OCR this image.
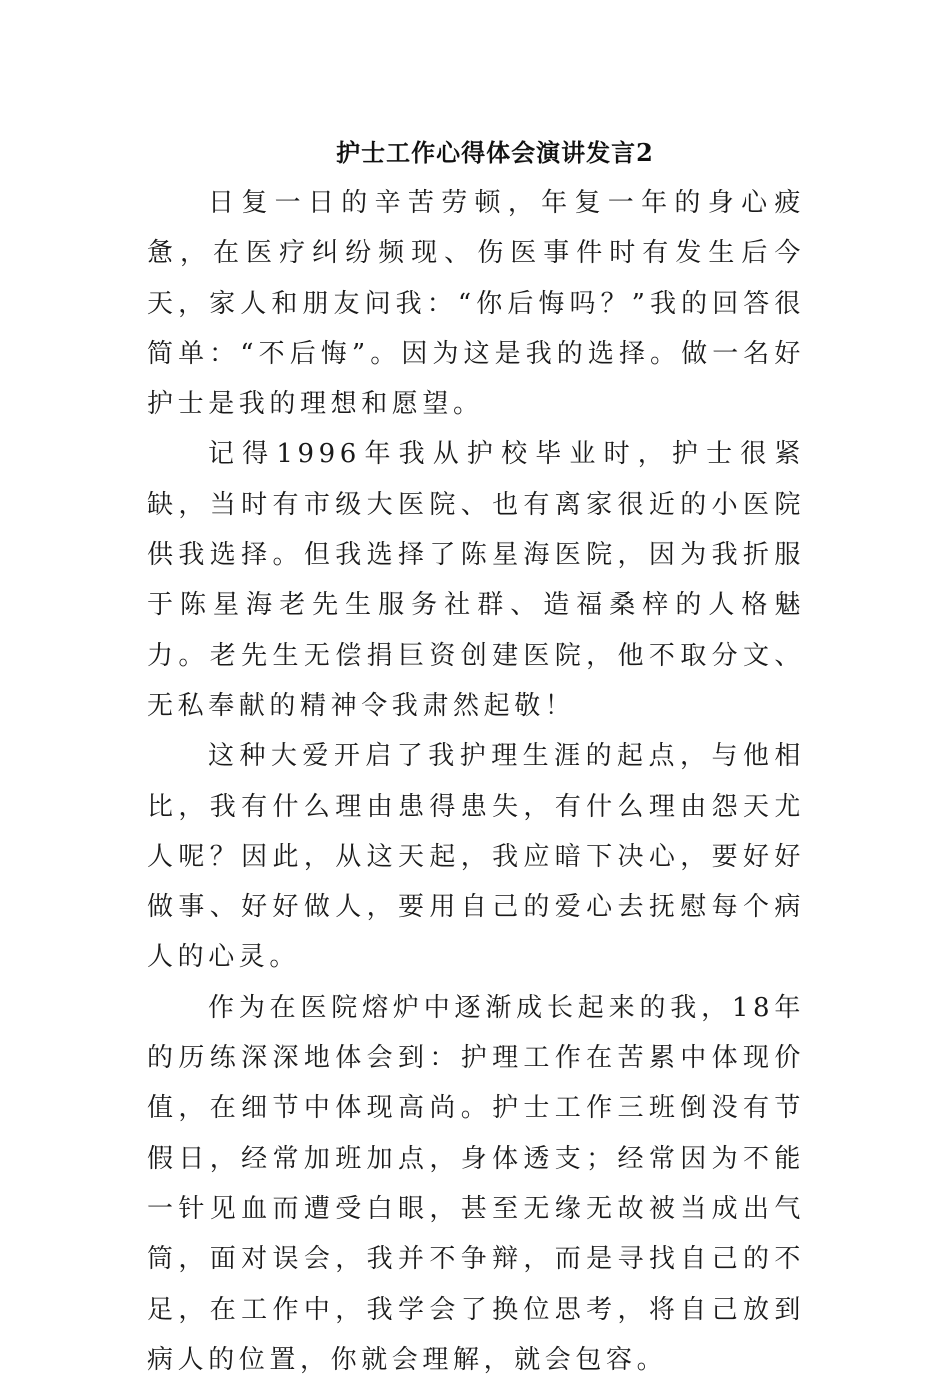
护士工作心得体会演讲发言2

日复一日的辛苦劳顿，年复一年的身心疲惫，在医疗纠纷频现、伤医事件时有发生后今天，家人和朋友问我：“你后悔吗？”我的回答很简单：“不后悔”。因为这是我的选择。做一名好护士是我的理想和愿望。

记得1996年我从护校毕业时，护士很紧缺，当时有市级大医院、也有离家很近的小医院供我选择。但我选择了陈星海医院，因为我折服于陈星海老先生服务社群、造福桑梓的人格魅力。老先生无偿捐巨资创建医院，他不取分文、无私奉献的精神令我肃然起敬！

这种大爱开启了我护理生涯的起点，与他相比，我有什么理由患得患失，有什么理由怨天尤人呢？因此，从这天起，我应暗下决心，要好好做事、好好做人，要用自己的爱心去抚慰每个病人的心灵。

作为在医院熔炉中逐渐成长起来的我，18年的历练深深地体会到：护理工作在苦累中体现价值，在细节中体现高尚。护士工作三班倒没有节假日，经常加班加点，身体透支；经常因为不能一针见血而遭受白眼，甚至无缘无故被当成出气筒，面对误会，我并不争辩，而是寻找自己的不足，在工作中，我学会了换位思考，将自己放到病人的位置，你就会理解，就会包容。
